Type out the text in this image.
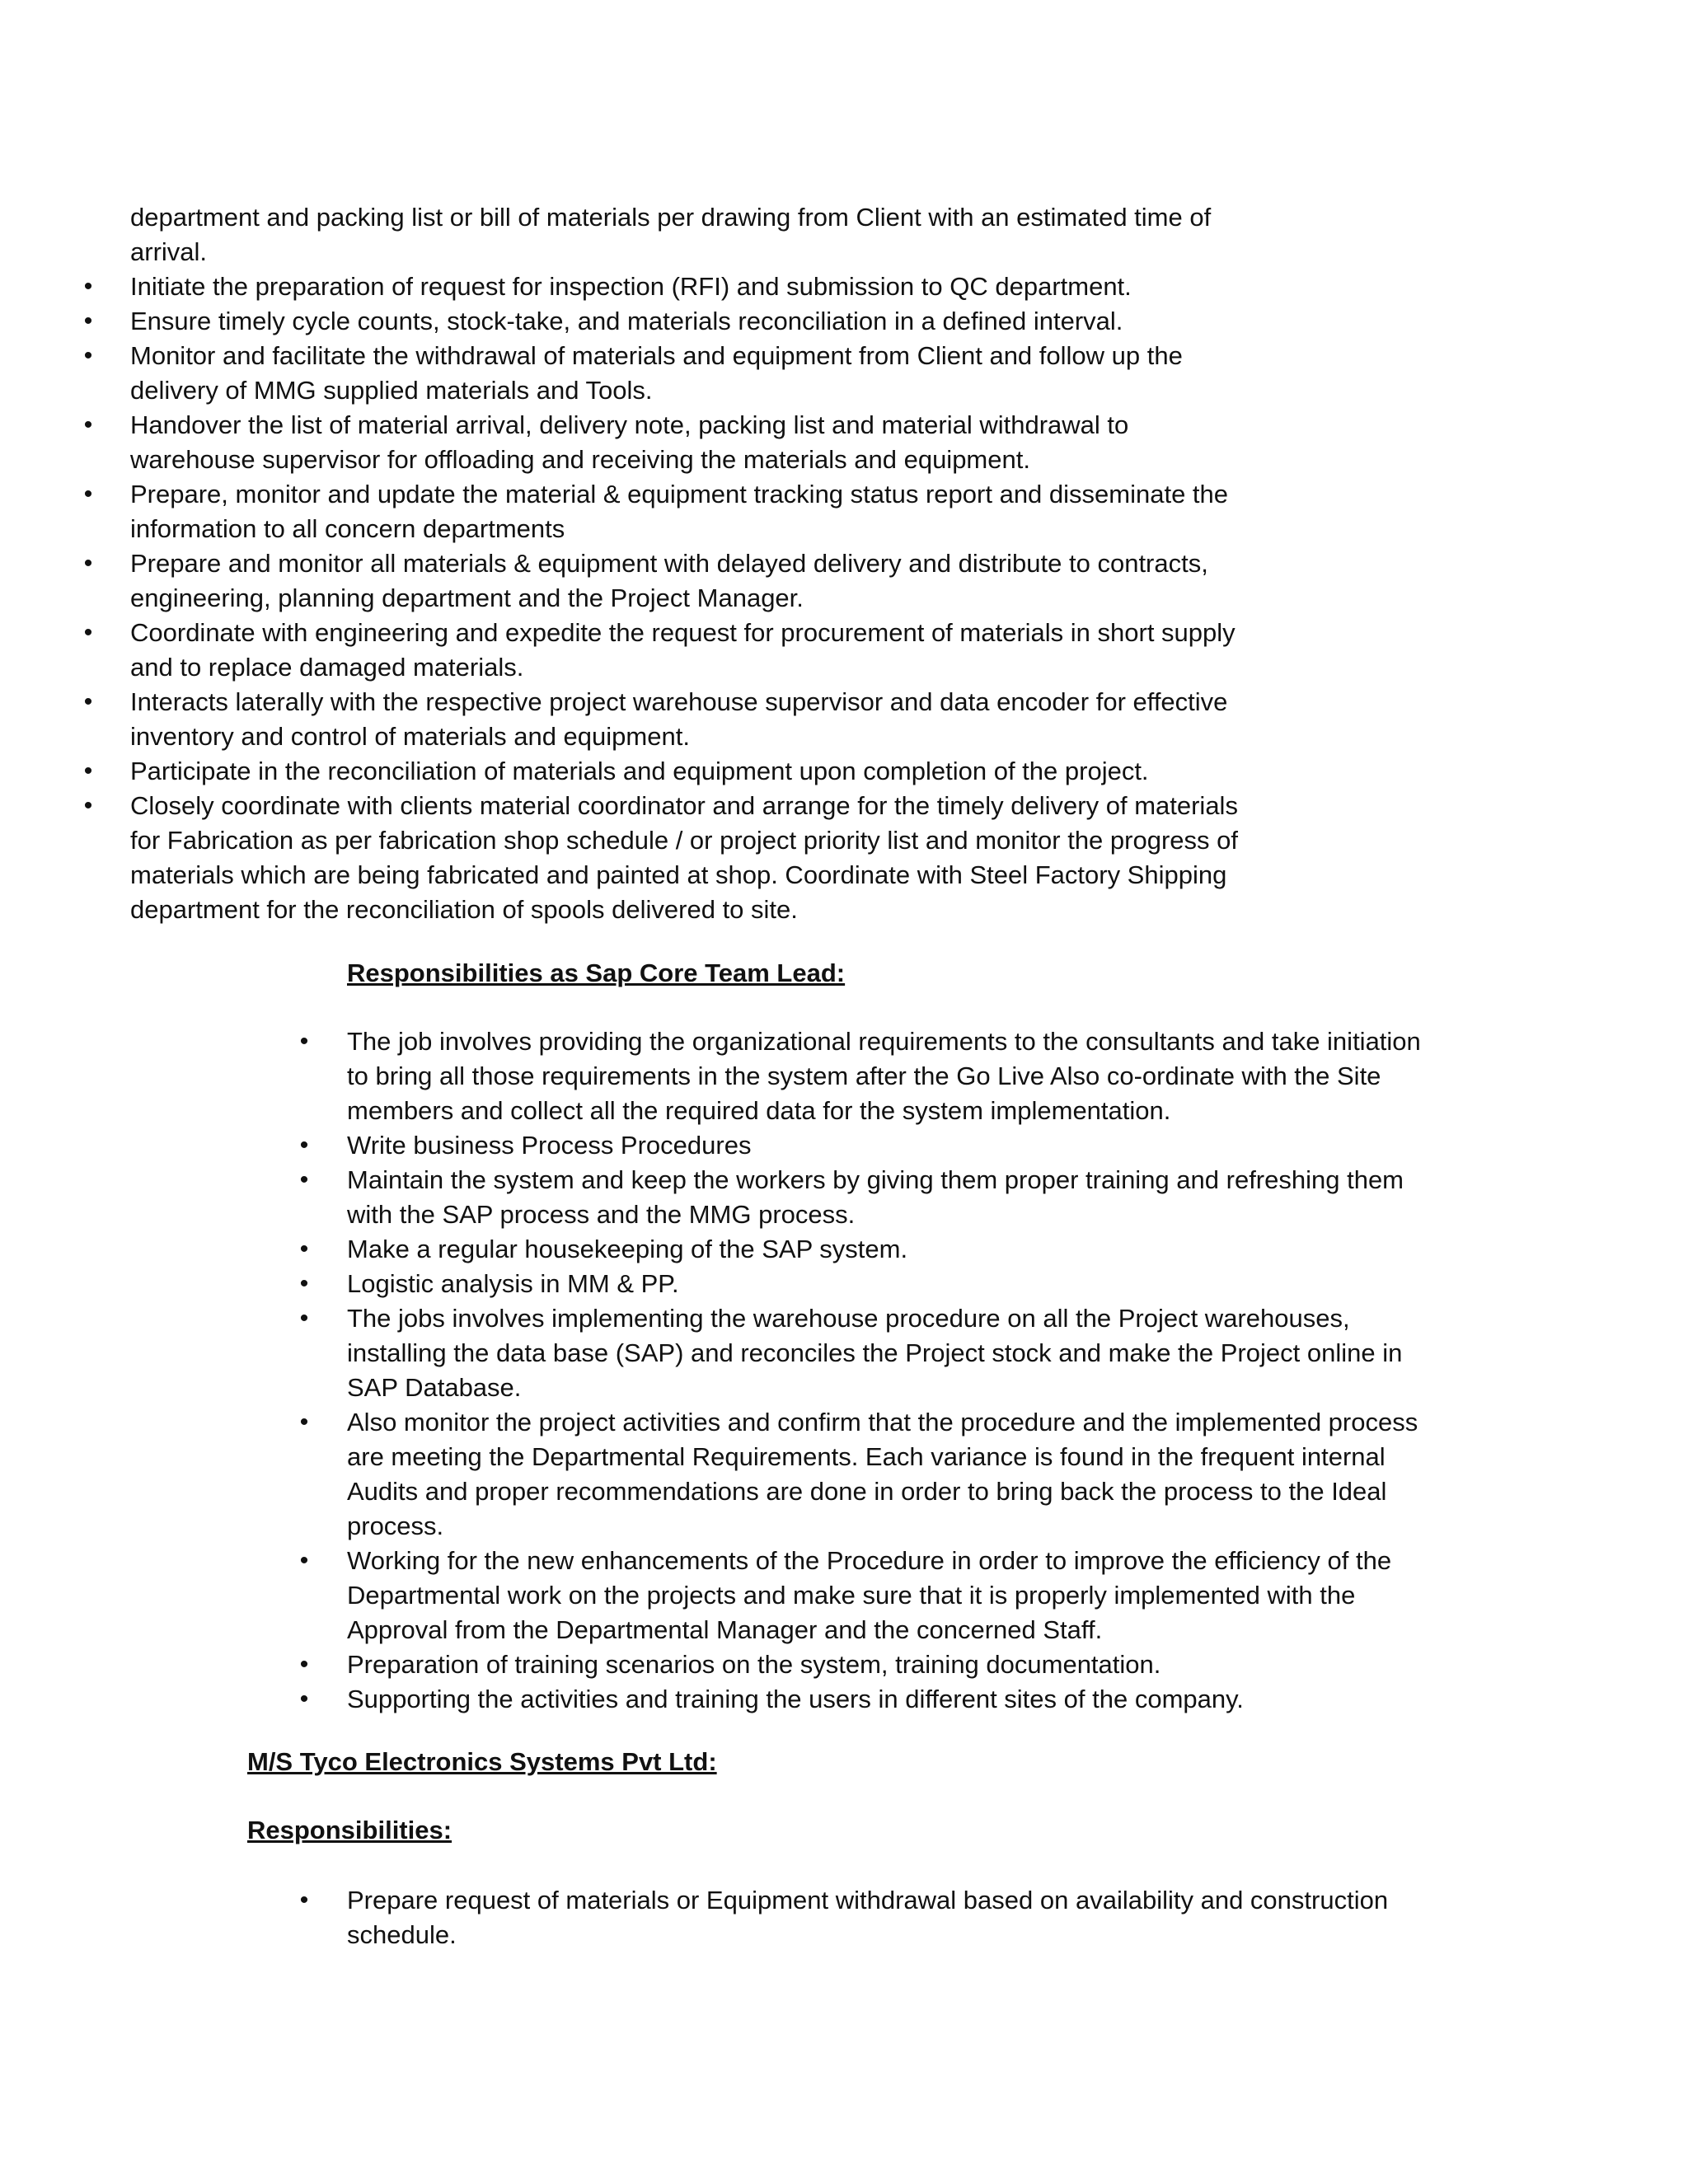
department and packing list or bill of materials per drawing from Client with an estimated time of arrival.
• Initiate the preparation of request for inspection (RFI) and submission to QC department.
• Ensure timely cycle counts, stock-take, and materials reconciliation in a defined interval.
• Monitor and facilitate the withdrawal of materials and equipment from Client and follow up the delivery of MMG supplied materials and Tools.
• Handover the list of material arrival, delivery note, packing list and material withdrawal to warehouse supervisor for offloading and receiving the materials and equipment.
• Prepare, monitor and update the material & equipment tracking status report and disseminate the information to all concern departments
• Prepare and monitor all materials & equipment with delayed delivery and distribute to contracts, engineering, planning department and the Project Manager.
• Coordinate with engineering and expedite the request for procurement of materials in short supply and to replace damaged materials.
• Interacts laterally with the respective project warehouse supervisor and data encoder for effective inventory and control of materials and equipment.
• Participate in the reconciliation of materials and equipment upon completion of the project.
• Closely coordinate with clients material coordinator and arrange for the timely delivery of materials for Fabrication as per fabrication shop schedule / or project priority list and monitor the progress of materials which are being fabricated and painted at shop. Coordinate with Steel Factory Shipping department for the reconciliation of spools delivered to site.
Responsibilities as Sap Core Team Lead:
• The job involves providing the organizational requirements to the consultants and take initiation to bring all those requirements in the system after the Go Live Also co-ordinate with the Site members and collect all the required data for the system implementation.
• Write business Process Procedures
• Maintain the system and keep the workers by giving them proper training and refreshing them with the SAP process and the MMG process.
• Make a regular housekeeping of the SAP system.
• Logistic analysis in MM & PP.
• The jobs involves implementing the warehouse procedure on all the Project warehouses, installing the data base (SAP) and reconciles the Project stock and make the Project online in SAP Database.
• Also monitor the project activities and confirm that the procedure and the implemented process are meeting the Departmental Requirements. Each variance is found in the frequent internal Audits and proper recommendations are done in order to bring back the process to the Ideal process.
• Working for the new enhancements of the Procedure in order to improve the efficiency of the Departmental work on the projects and make sure that it is properly implemented with the Approval from the Departmental Manager and the concerned Staff.
• Preparation of training scenarios on the system, training documentation.
• Supporting the activities and training the users in different sites of the company.
M/S Tyco Electronics Systems Pvt Ltd:
Responsibilities:
• Prepare request of materials or Equipment withdrawal based on availability and construction schedule.
